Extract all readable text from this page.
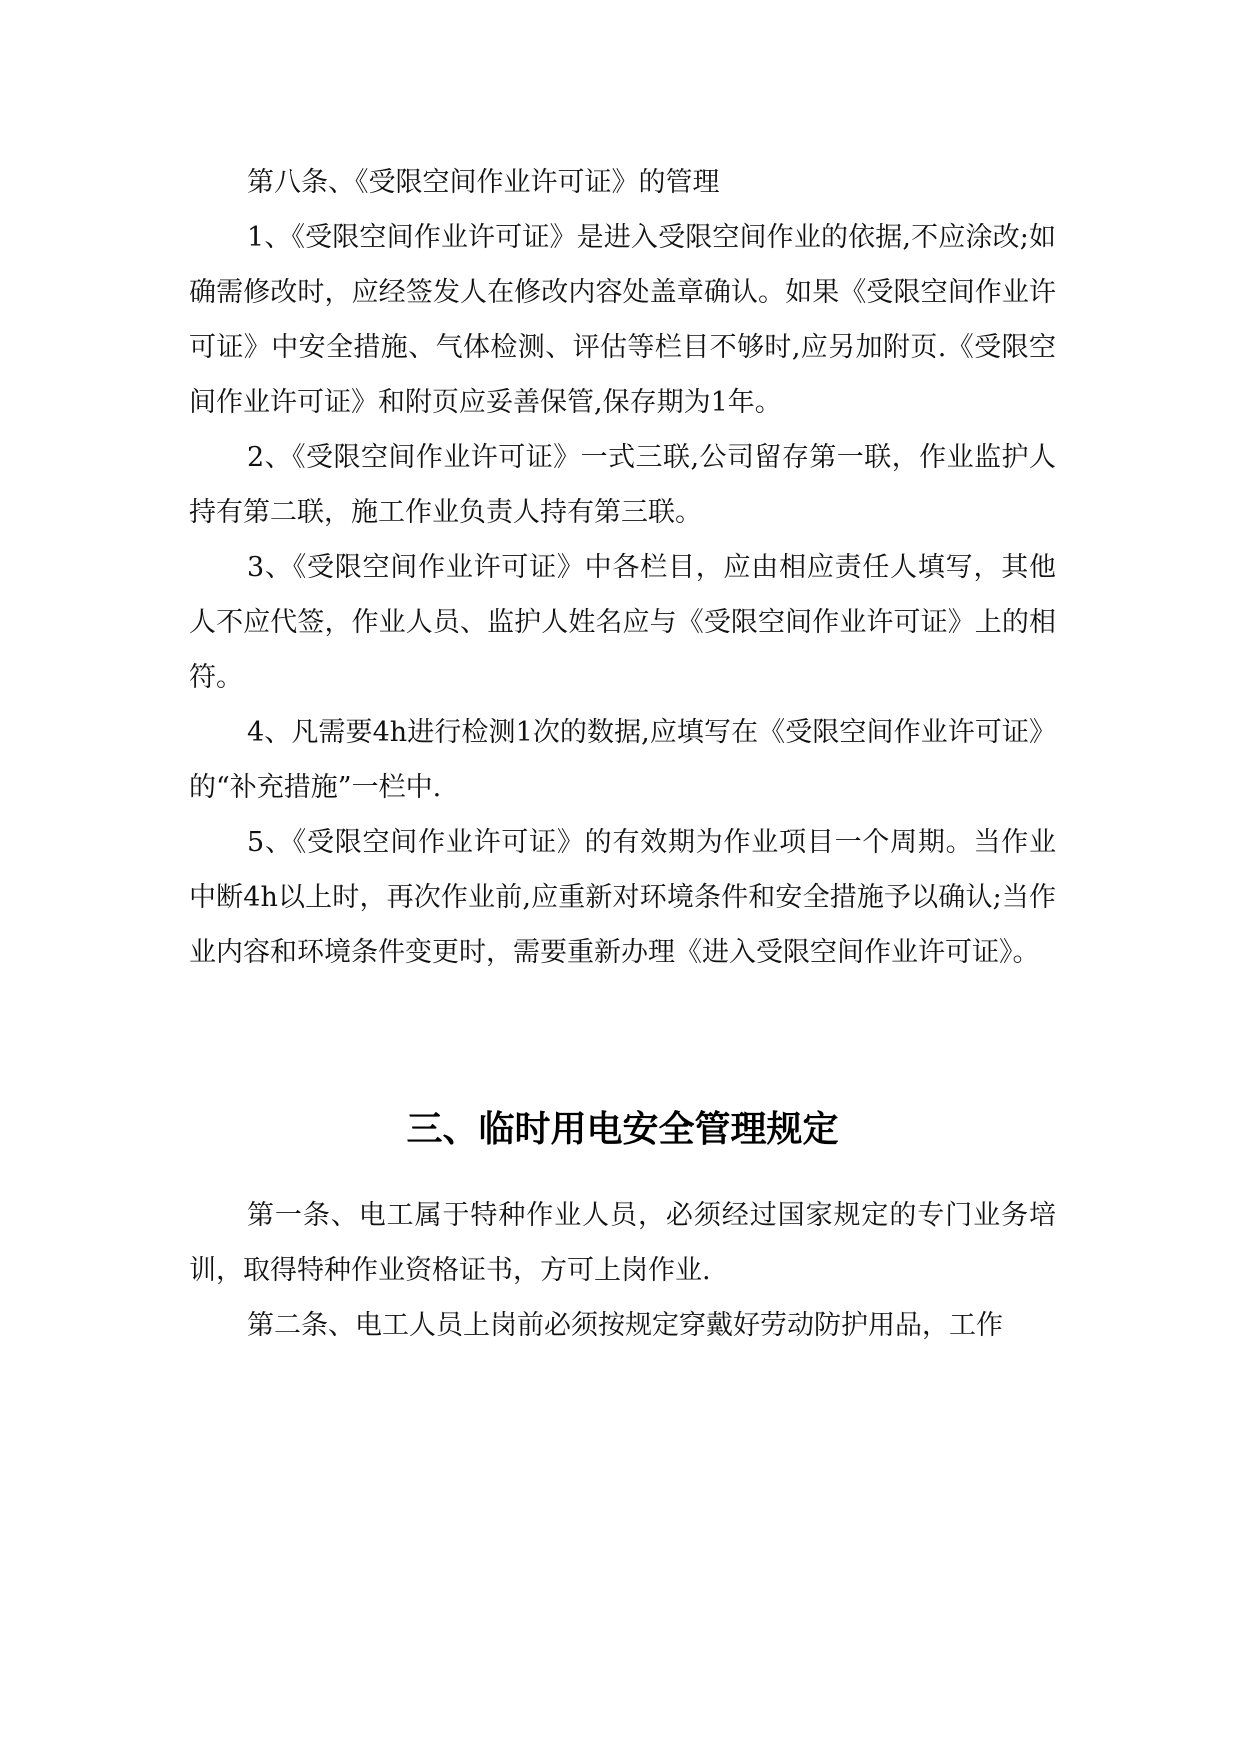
第八条、《受限空间作业许可证》的管理

1、《受限空间作业许可证》是进入受限空间作业的依据,不应涂改;如确需修改时，应经签发人在修改内容处盖章确认。如果《受限空间作业许可证》中安全措施、气体检测、评估等栏目不够时,应另加附页.《受限空间作业许可证》和附页应妥善保管,保存期为1年。

2、《受限空间作业许可证》一式三联,公司留存第一联，作业监护人持有第二联，施工作业负责人持有第三联。

3、《受限空间作业许可证》中各栏目，应由相应责任人填写，其他人不应代签，作业人员、监护人姓名应与《受限空间作业许可证》上的相符。

4、凡需要4h进行检测1次的数据,应填写在《受限空间作业许可证》的“补充措施”一栏中.

5、《受限空间作业许可证》的有效期为作业项目一个周期。当作业中断4h以上时，再次作业前,应重新对环境条件和安全措施予以确认;当作业内容和环境条件变更时，需要重新办理《进入受限空间作业许可证》。

三、临时用电安全管理规定

第一条、电工属于特种作业人员，必须经过国家规定的专门业务培训，取得特种作业资格证书，方可上岗作业.

第二条、电工人员上岗前必须按规定穿戴好劳动防护用品，工作
